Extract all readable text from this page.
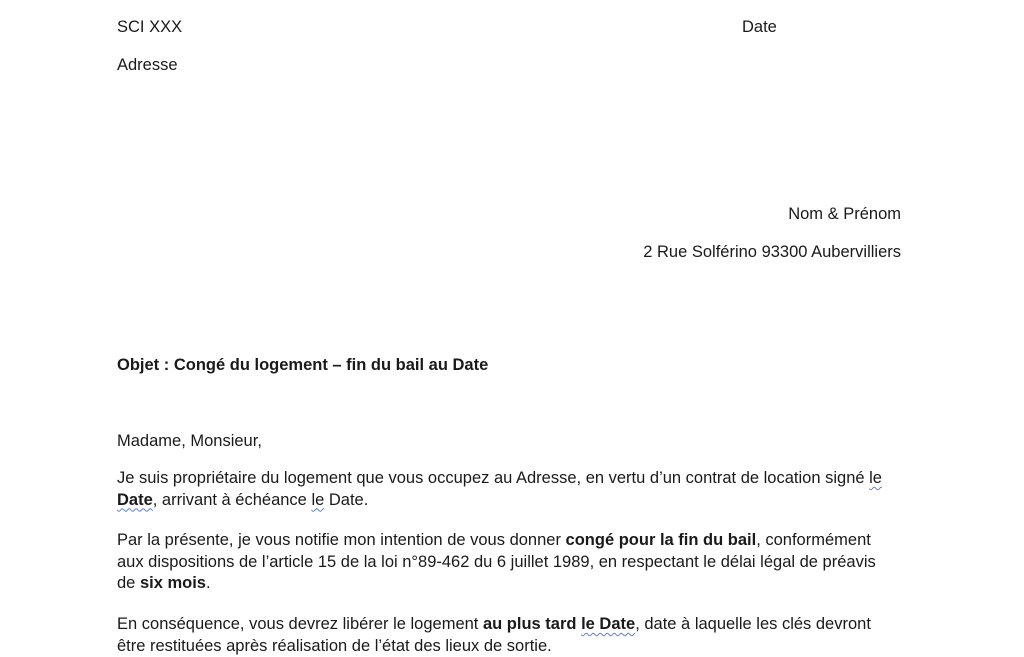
SCI XXX
Adresse
Date
Nom & Prénom
2 Rue Solférino 93300 Aubervilliers
Objet : Congé du logement – fin du bail au Date
Madame, Monsieur,

Je suis propriétaire du logement que vous occupez au Adresse, en vertu d’un contrat de location signé le Date, arrivant à échéance le Date.

Par la présente, je vous notifie mon intention de vous donner congé pour la fin du bail, conformément aux dispositions de l’article 15 de la loi n°89-462 du 6 juillet 1989, en respectant le délai légal de préavis de six mois.

En conséquence, vous devrez libérer le logement au plus tard le Date, date à laquelle les clés devront être restituées après réalisation de l’état des lieux de sortie.
